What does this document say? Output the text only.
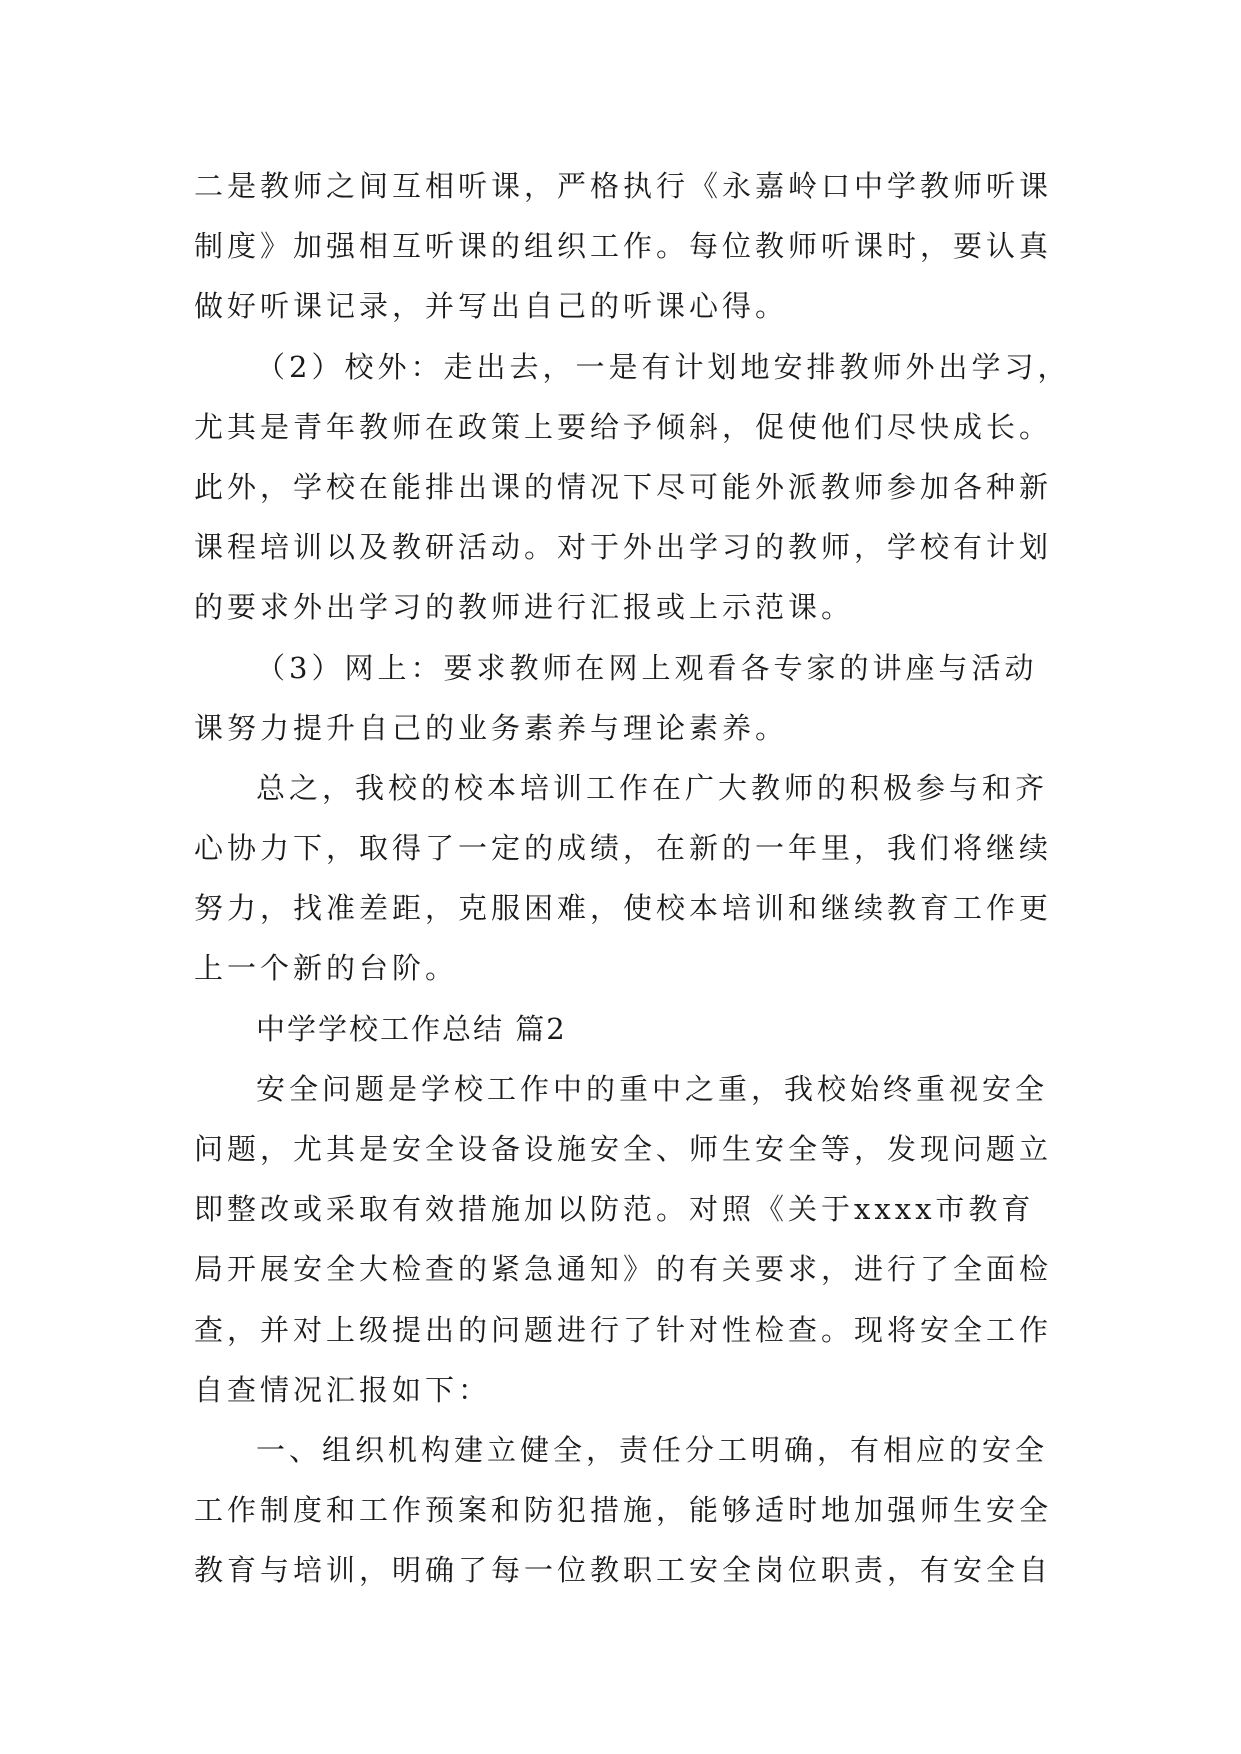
二是教师之间互相听课，严格执行《永嘉岭口中学教师听课
制度》加强相互听课的组织工作。每位教师听课时，要认真
做好听课记录，并写出自己的听课心得。
（2）校外：走出去，一是有计划地安排教师外出学习，
尤其是青年教师在政策上要给予倾斜，促使他们尽快成长。
此外，学校在能排出课的情况下尽可能外派教师参加各种新
课程培训以及教研活动。对于外出学习的教师，学校有计划
的要求外出学习的教师进行汇报或上示范课。
（3）网上：要求教师在网上观看各专家的讲座与活动
课努力提升自己的业务素养与理论素养。
总之，我校的校本培训工作在广大教师的积极参与和齐
心协力下，取得了一定的成绩，在新的一年里，我们将继续
努力，找准差距，克服困难，使校本培训和继续教育工作更
上一个新的台阶。
中学学校工作总结 篇2
安全问题是学校工作中的重中之重，我校始终重视安全
问题，尤其是安全设备设施安全、师生安全等，发现问题立
即整改或采取有效措施加以防范。对照《关于xxxx市教育
局开展安全大检查的紧急通知》的有关要求，进行了全面检
查，并对上级提出的问题进行了针对性检查。现将安全工作
自查情况汇报如下：
一、组织机构建立健全，责任分工明确，有相应的安全
工作制度和工作预案和防犯措施，能够适时地加强师生安全
教育与培训，明确了每一位教职工安全岗位职责，有安全自
